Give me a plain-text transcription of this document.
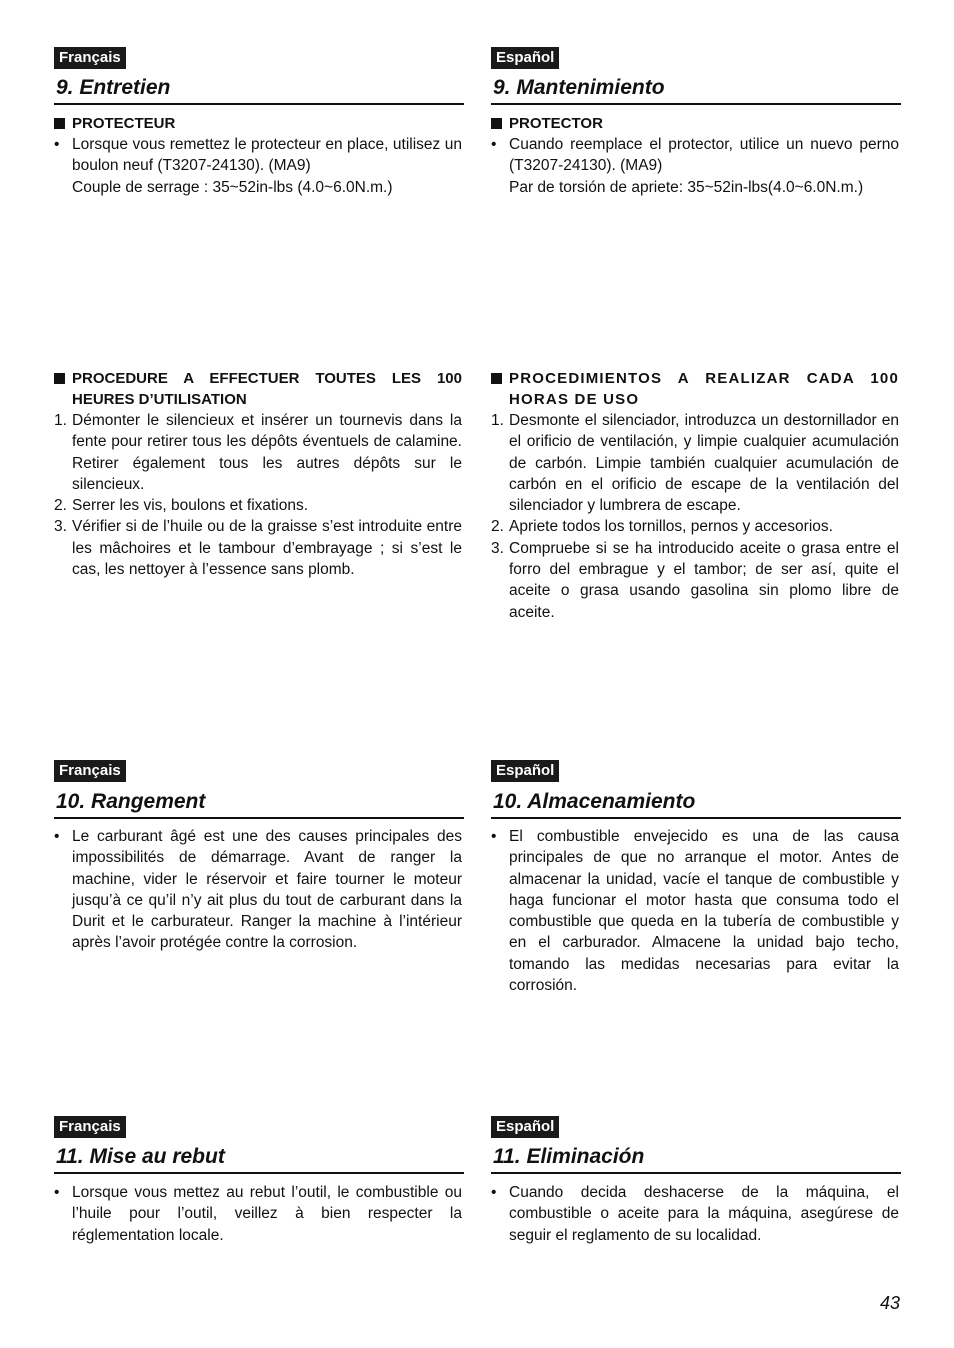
Français
9. Entretien

PROTECTEUR

• Lorsque vous remettez le protecteur en place, utilisez un boulon neuf (T3207-24130). (MA9)
Couple de serrage : 35~52in-lbs (4.0~6.0N.m.)

PROCEDURE A EFFECTUER TOUTES LES 100 HEURES D’UTILISATION

1. Démonter le silencieux et insérer un tournevis dans la fente pour retirer tous les dépôts éventuels de calamine. Retirer également tous les autres dépôts sur le silencieux.
2. Serrer les vis, boulons et fixations.
3. Vérifier si de l’huile ou de la graisse s’est introduite entre les mâchoires et le tambour d’embrayage ; si s’est le cas, les nettoyer à l’essence sans plomb.
Español
9. Mantenimiento

PROTECTOR

• Cuando reemplace el protector, utilice un nuevo perno (T3207-24130). (MA9)
Par de torsión de apriete: 35~52in-lbs(4.0~6.0N.m.)

PROCEDIMIENTOS A REALIZAR CADA 100 HORAS DE USO

1. Desmonte el silenciador, introduzca un destornillador en el orificio de ventilación, y limpie cualquier acumulación de carbón. Limpie también cualquier acumulación de carbón en el orificio de escape de la ventilación del silenciador y lumbrera de escape.
2. Apriete todos los tornillos, pernos y accesorios.
3. Compruebe si se ha introducido aceite o grasa entre el forro del embrague y el tambor; de ser así, quite el aceite o grasa usando gasolina sin plomo libre de aceite.
Français
10. Rangement
• Le carburant âgé est une des causes principales des impossibilités de démarrage. Avant de ranger la machine, vider le réservoir et faire tourner le moteur jusqu’à ce qu’il n’y ait plus du tout de carburant dans la Durit et le carburateur. Ranger la machine à l’intérieur après l’avoir protégée contre la corrosion.
Español
10. Almacenamiento
• El combustible envejecido es una de las causa principales de que no arranque el motor. Antes de almacenar la unidad, vacíe el tanque de combustible y haga funcionar el motor hasta que consuma todo el combustible que queda en la tubería de combustible y en el carburador. Almacene la unidad bajo techo, tomando las medidas necesarias para evitar la corrosión.
Français
11. Mise au rebut
• Lorsque vous mettez au rebut l’outil, le combustible ou l’huile pour l’outil, veillez à bien respecter la réglementation locale.
Español
11. Eliminación
• Cuando decida deshacerse de la máquina, el combustible o aceite para la máquina, asegúrese de seguir el reglamento de su localidad.
43
